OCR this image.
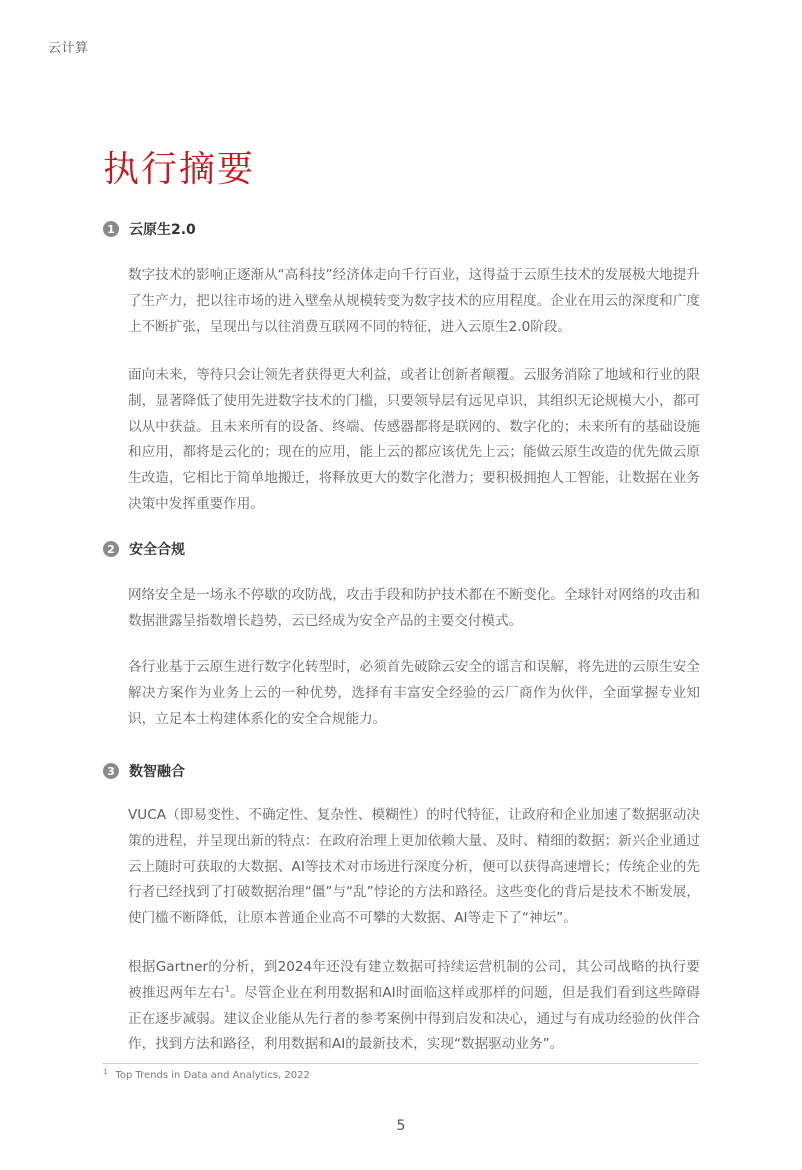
云计算
执行摘要
1 云原生2.0

数字技术的影响正逐渐从“高科技”经济体走向千行百业，这得益于云原生技术的发展极大地提升了生产力，把以往市场的进入壁垒从规模转变为数字技术的应用程度。企业在用云的深度和广度上不断扩张，呈现出与以往消费互联网不同的特征，进入云原生2.0阶段。

面向未来，等待只会让领先者获得更大利益，或者让创新者颠覆。云服务消除了地域和行业的限制，显著降低了使用先进数字技术的门槛，只要领导层有远见卓识，其组织无论规模大小，都可以从中获益。且未来所有的设备、终端、传感器都将是联网的、数字化的；未来所有的基础设施和应用，都将是云化的；现在的应用，能上云的都应该优先上云；能做云原生改造的优先做云原生改造，它相比于简单地搬迁，将释放更大的数字化潜力；要积极拥抱人工智能，让数据在业务决策中发挥重要作用。

2 安全合规

网络安全是一场永不停歇的攻防战，攻击手段和防护技术都在不断变化。全球针对网络的攻击和数据泄露呈指数增长趋势，云已经成为安全产品的主要交付模式。

各行业基于云原生进行数字化转型时，必须首先破除云安全的谣言和误解，将先进的云原生安全解决方案作为业务上云的一种优势，选择有丰富安全经验的云厂商作为伙伴，全面掌握专业知识，立足本土构建体系化的安全合规能力。

3 数智融合

VUCA（即易变性、不确定性、复杂性、模糊性）的时代特征，让政府和企业加速了数据驱动决策的进程，并呈现出新的特点：在政府治理上更加依赖大量、及时、精细的数据；新兴企业通过云上随时可获取的大数据、AI等技术对市场进行深度分析，便可以获得高速增长；传统企业的先行者已经找到了打破数据治理“僵”与“乱”悖论的方法和路径。这些变化的背后是技术不断发展，使门槛不断降低，让原本普通企业高不可攀的大数据、AI等走下了“神坛”。

根据Gartner的分析，到2024年还没有建立数据可持续运营机制的公司，其公司战略的执行要被推迟两年左右$^1$。尽管企业在利用数据和AI时面临这样或那样的问题，但是我们看到这些障碍正在逐步减弱。建议企业能从先行者的参考案例中得到启发和决心，通过与有成功经验的伙伴合作，找到方法和路径，利用数据和AI的最新技术，实现“数据驱动业务”。

1 Top Trends in Data and Analytics, 2022
5
